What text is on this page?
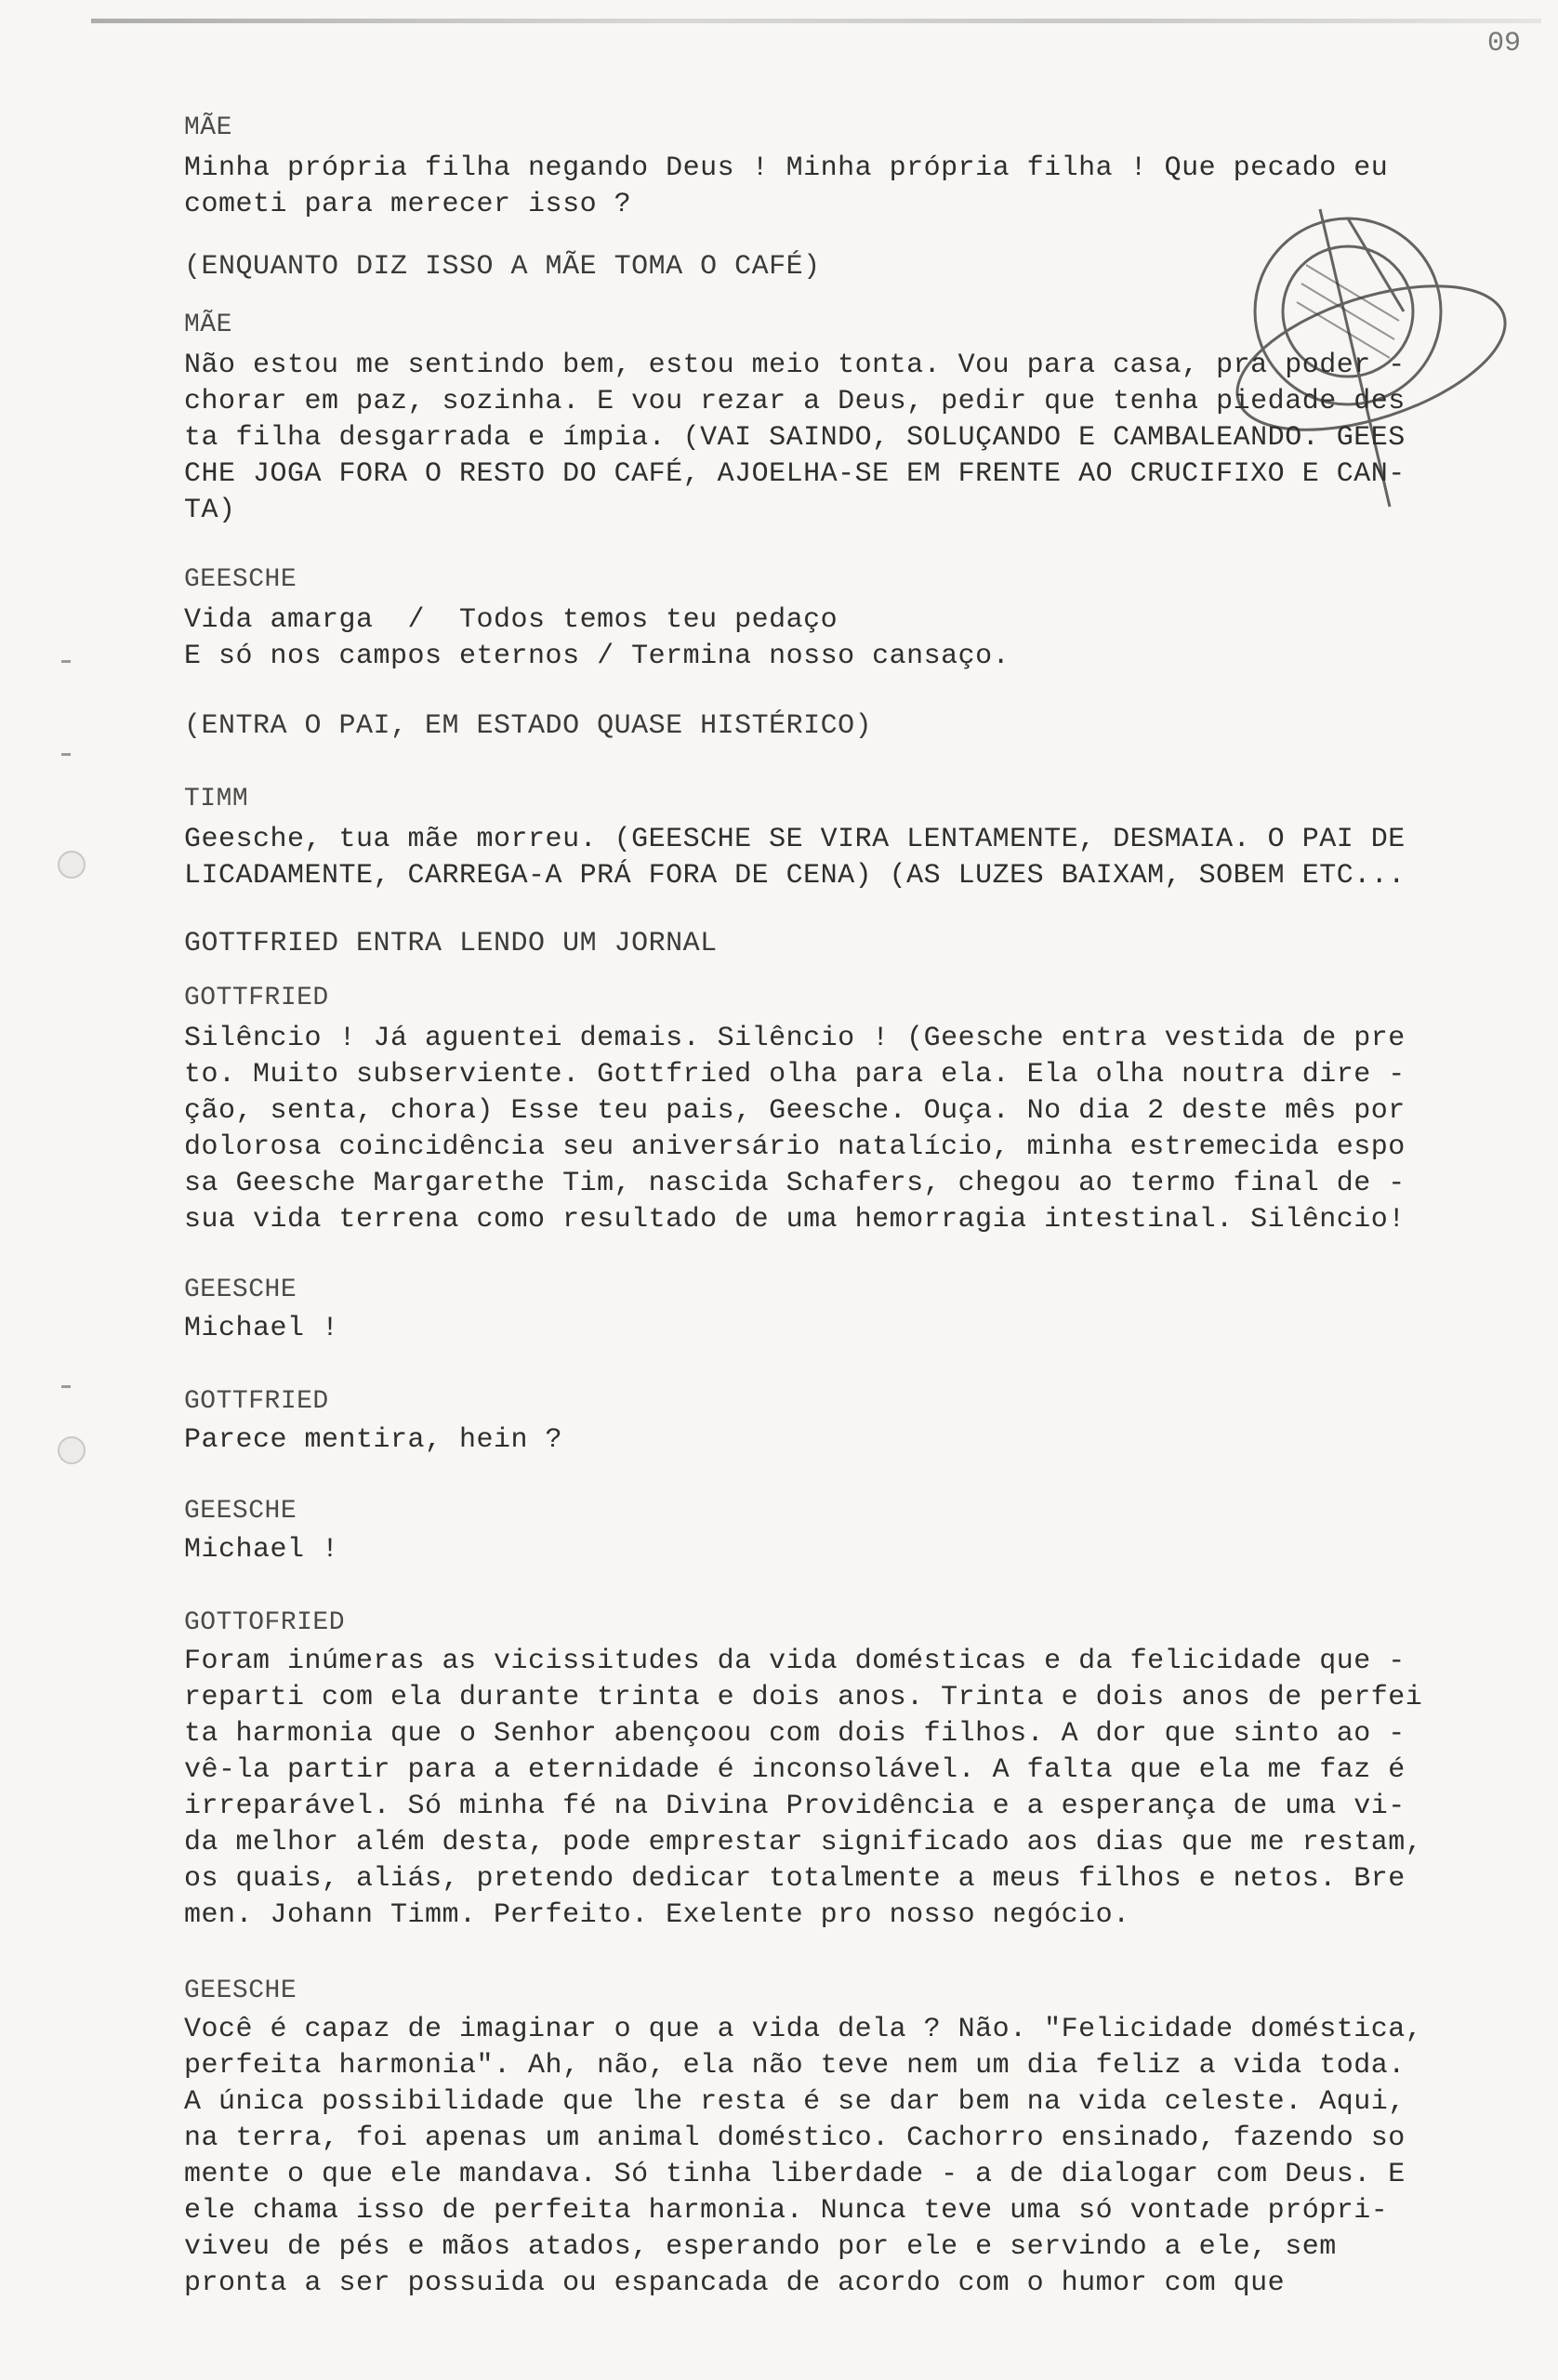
09
MÃE
Minha própria filha negando Deus ! Minha própria filha ! Que pecado eu
cometi para merecer isso ?
(ENQUANTO DIZ ISSO A MÃE TOMA O CAFÉ)
MÃE
Não estou me sentindo bem, estou meio tonta. Vou para casa, pra poder -
chorar em paz, sozinha. E vou rezar a Deus, pedir que tenha piedade des
ta filha desgarrada e ímpia. (VAI SAINDO, SOLUÇANDO E CAMBALEANDO. GEES
CHE JOGA FORA O RESTO DO CAFÉ, AJOELHA-SE EM FRENTE AO CRUCIFIXO E CAN-
TA)
GEESCHE
Vida amarga  /  Todos temos teu pedaço
E só nos campos eternos / Termina nosso cansaço.
(ENTRA O PAI, EM ESTADO QUASE HISTÉRICO)
TIMM
Geesche, tua mãe morreu. (GEESCHE SE VIRA LENTAMENTE, DESMAIA. O PAI DE
LICADAMENTE, CARREGA-A PRÁ FORA DE CENA) (AS LUZES BAIXAM, SOBEM ETC...
GOTTFRIED ENTRA LENDO UM JORNAL
GOTTFRIED
Silêncio ! Já aguentei demais. Silêncio ! (Geesche entra vestida de pre
to. Muito subserviente. Gottfried olha para ela. Ela olha noutra dire -
ção, senta, chora) Esse teu pais, Geesche. Ouça. No dia 2 deste mês por
dolorosa coincidência seu aniversário natalício, minha estremecida espo
sa Geesche Margarethe Tim, nascida Schafers, chegou ao termo final de -
sua vida terrena como resultado de uma hemorragia intestinal. Silêncio!
GEESCHE
Michael !
GOTTFRIED
Parece mentira, hein ?
GEESCHE
Michael !
GOTTOFRIED
Foram inúmeras as vicissitudes da vida domésticas e da felicidade que -
reparti com ela durante trinta e dois anos. Trinta e dois anos de perfei
ta harmonia que o Senhor abençoou com dois filhos. A dor que sinto ao -
vê-la partir para a eternidade é inconsolável. A falta que ela me faz é
irreparável. Só minha fé na Divina Providência e a esperança de uma vi-
da melhor além desta, pode emprestar significado aos dias que me restam,
os quais, aliás, pretendo dedicar totalmente a meus filhos e netos. Bre
men. Johann Timm. Perfeito. Exelente pro nosso negócio.
GEESCHE
Você é capaz de imaginar o que a vida dela ? Não. "Felicidade doméstica,
perfeita harmonia". Ah, não, ela não teve nem um dia feliz a vida toda.
A única possibilidade que lhe resta é se dar bem na vida celeste. Aqui,
na terra, foi apenas um animal doméstico. Cachorro ensinado, fazendo so
mente o que ele mandava. Só tinha liberdade - a de dialogar com Deus. E
ele chama isso de perfeita harmonia. Nunca teve uma só vontade própri-
viveu de pés e mãos atados, esperando por ele e servindo a ele, sem
pronta a ser possuida ou espancada de acordo com o humor com que
